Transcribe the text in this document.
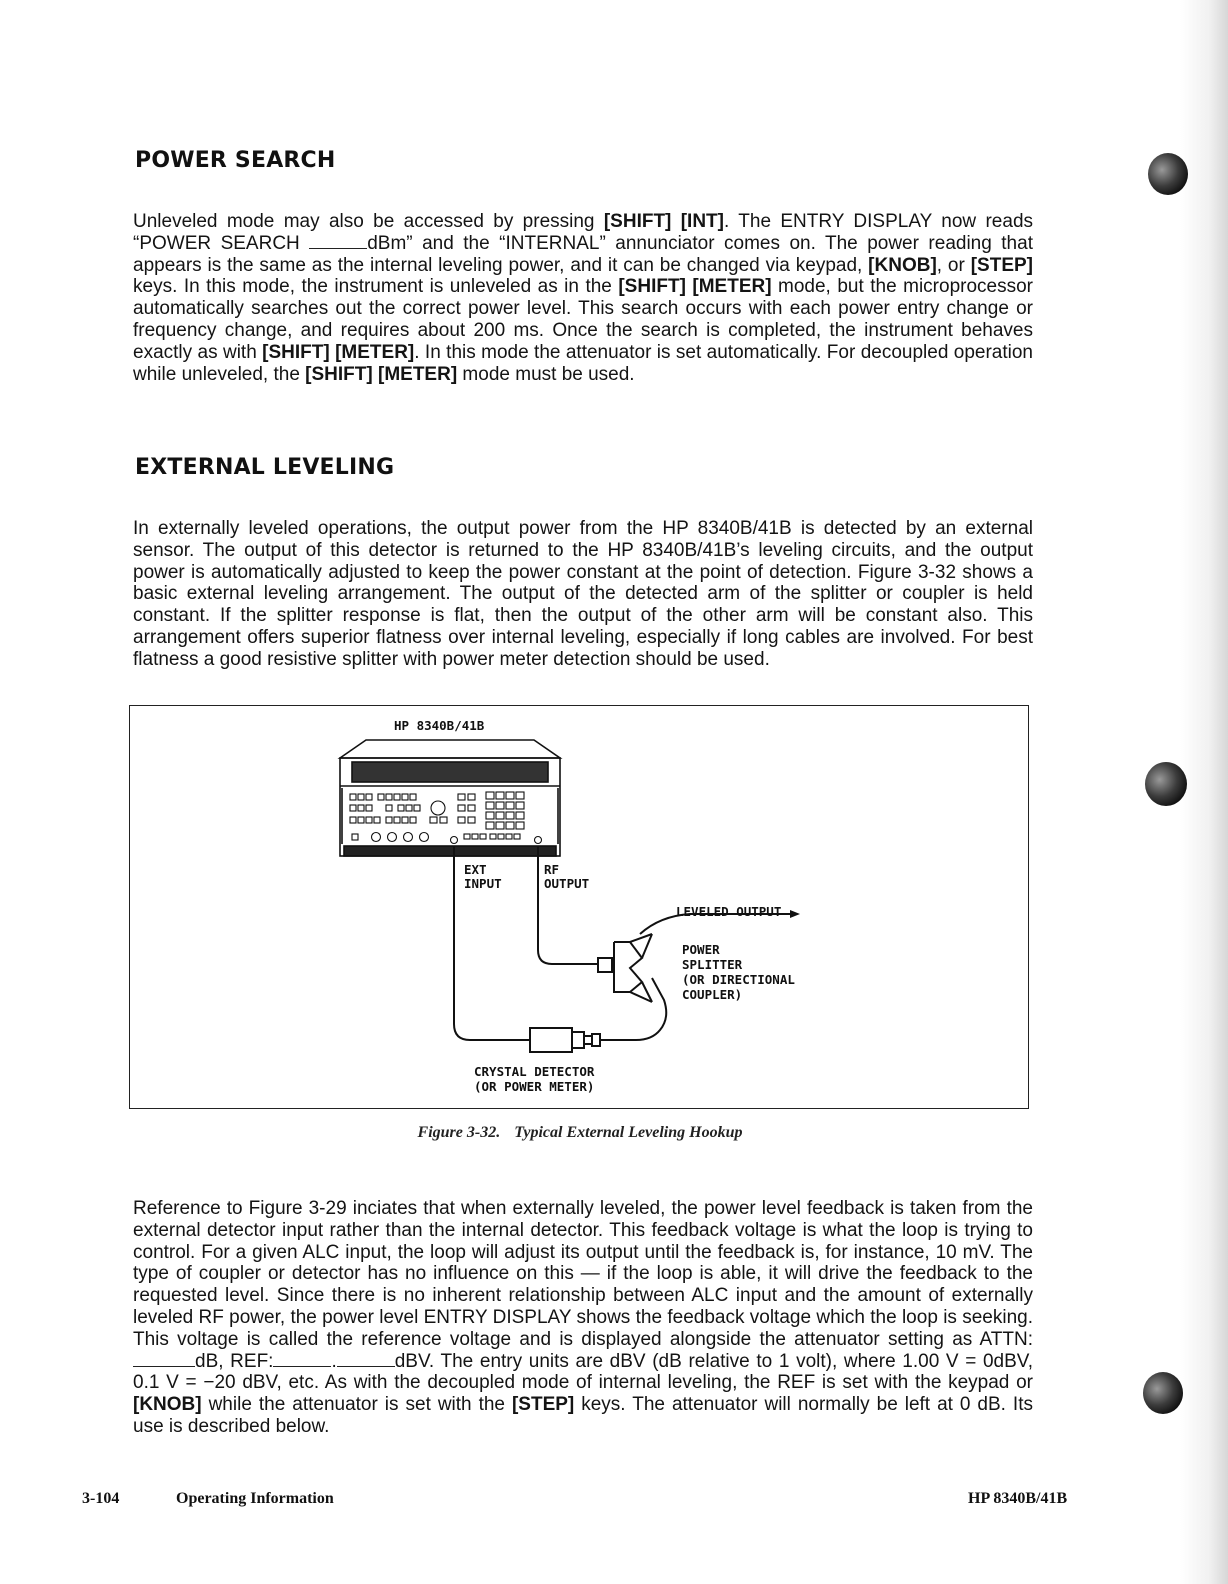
POWER SEARCH

Unleveled mode may also be accessed by pressing [SHIFT] [INT]. The ENTRY DISPLAY now reads “POWER SEARCH	dBm” and the “INTERNAL” annunciator comes on. The power reading that appears is the same as the internal leveling power, and it can be changed via keypad, [KNOB], or [STEP] keys. In this mode, the instrument is unleveled as in the [SHIFT] [METER] mode, but the microprocessor automatically searches out the correct power level. This search occurs with each power entry change or frequency change, and requires about 200 ms. Once the search is completed, the instrument behaves exactly as with [SHIFT] [METER]. In this mode the attenuator is set automatically. For decoupled operation while unleveled, the [SHIFT] [METER] mode must be used.

EXTERNAL LEVELING

In externally leveled operations, the output power from the HP 8340B/41B is detected by an external sensor. The output of this detector is returned to the HP 8340B/41B’s leveling circuits, and the output power is automatically adjusted to keep the power constant at the point of detection. Figure 3-32 shows a basic external leveling arrangement. The output of the detected arm of the splitter or coupler is held constant. If the splitter response is flat, then the output of the other arm will be constant also. This arrangement offers superior flatness over internal leveling, especially if long cables are involved. For best flatness a good resistive splitter with power meter detection should be used.

HP 8340B/41B
EXT
INPUT
RF
OUTPUT
LEVELED OUTPUT
POWER
SPLITTER
(OR DIRECTIONAL
COUPLER)
CRYSTAL DETECTOR
(OR POWER METER)
Figure 3-32. Typical External Leveling Hookup

Reference to Figure 3-29 inciates that when externally leveled, the power level feedback is taken from the external detector input rather than the internal detector. This feedback voltage is what the loop is trying to control. For a given ALC input, the loop will adjust its output until the feedback is, for instance, 10 mV. The type of coupler or detector has no influence on this — if the loop is able, it will drive the feedback to the requested level. Since there is no inherent relationship between ALC input and the amount of externally leveled RF power, the power level ENTRY DISPLAY shows the feedback voltage which the loop is seeking. This voltage is called the reference voltage and is displayed alongside the attenuator setting as ATTN: dB, REF:	.	dBV. The entry units are dBV (dB relative to 1 volt), where 1.00 V = 0dBV, 0.1 V = −20 dBV, etc. As with the decoupled mode of internal leveling, the REF is set with the keypad or [KNOB] while the attenuator is set with the [STEP] keys. The attenuator will normally be left at 0 dB. Its use is described below.

3-104	Operating Information	HP 8340B/41B
